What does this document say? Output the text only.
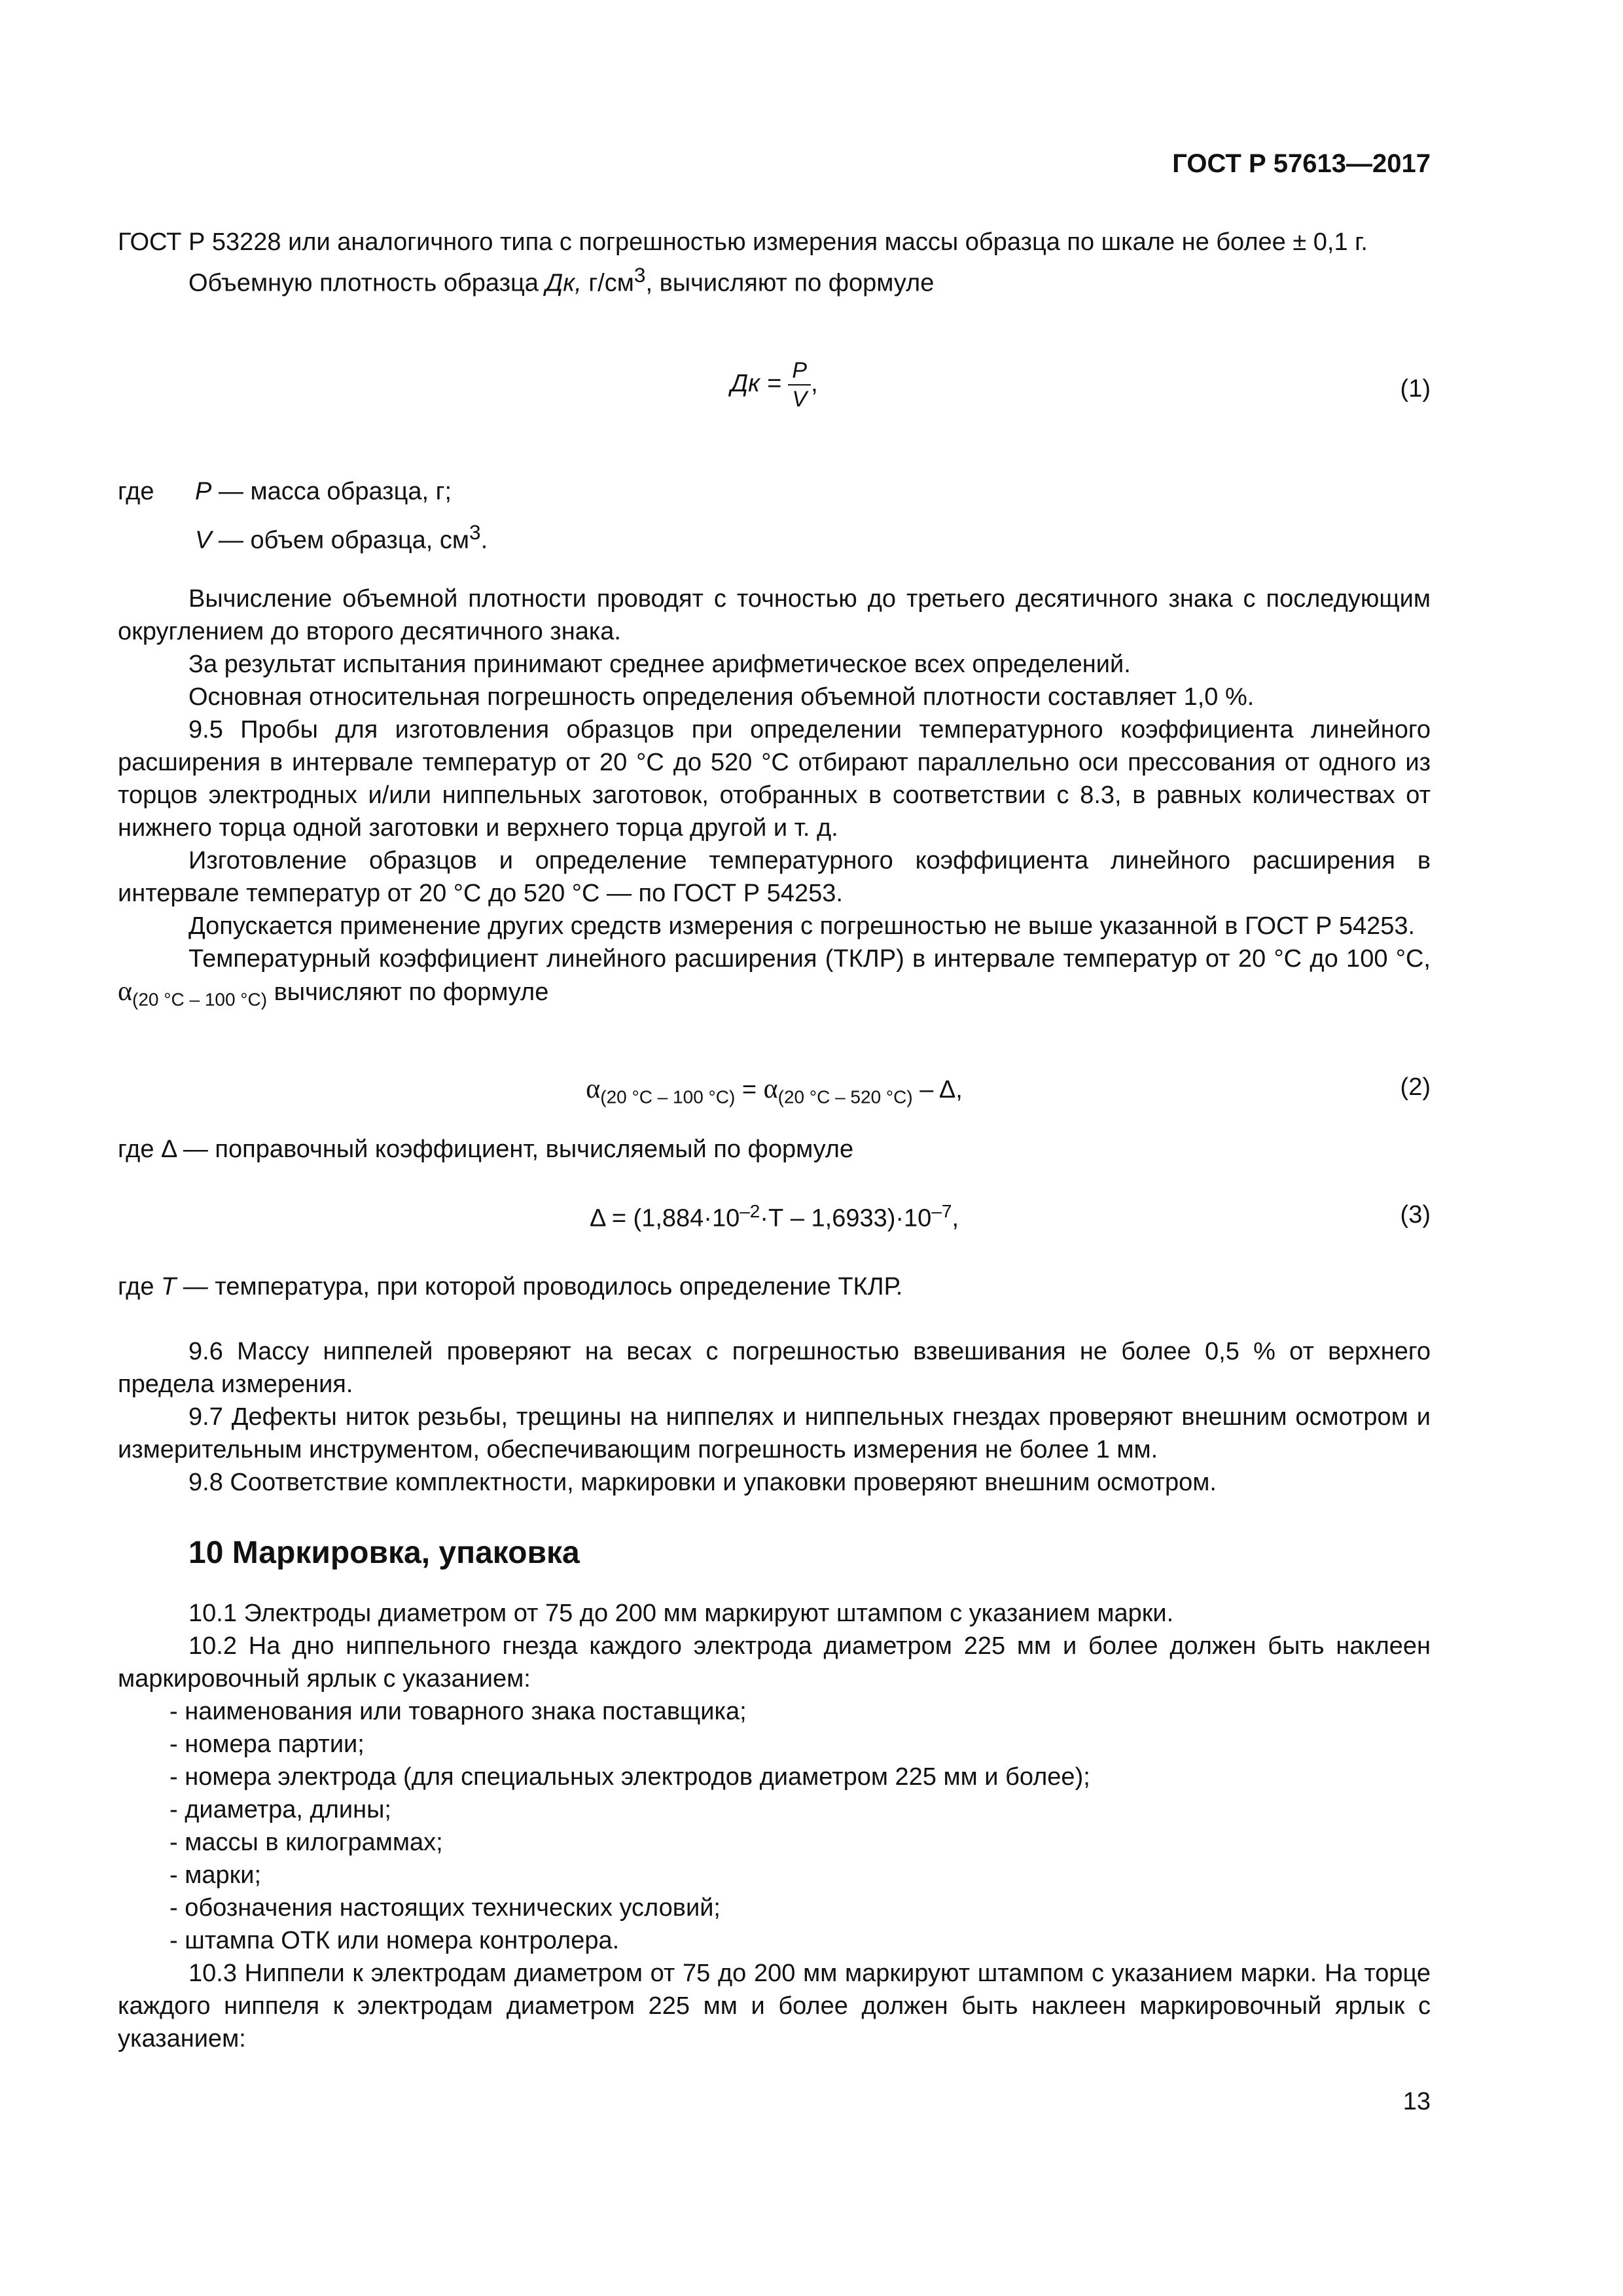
ГОСТ Р 57613—2017

ГОСТ Р 53228 или аналогичного типа с погрешностью измерения массы образца по шкале не более ± 0,1 г.

Объемную плотность образца Дк, $г/см^3$, вычисляют по формуле

Дк = $\frac{P}{V}$ ,	(1)
где P — масса образца, г;
V — объем образца, $см^3$.

Вычисление объемной плотности проводят с точностью до третьего десятичного знака с последующим округлением до второго десятичного знака.

За результат испытания принимают среднее арифметическое всех определений.

Основная относительная погрешность определения объемной плотности составляет 1,0 %.

9.5 Пробы для изготовления образцов при определении температурного коэффициента линейного расширения в интервале температур от 20 °С до 520 °С отбирают параллельно оси прессования от одного из торцов электродных и/или ниппельных заготовок, отобранных в соответствии с 8.3, в равных количествах от нижнего торца одной заготовки и верхнего торца другой и т. д.

Изготовление образцов и определение температурного коэффициента линейного расширения в интервале температур от 20 °С до 520 °С — по ГОСТ Р 54253.

Допускается применение других средств измерения с погрешностью не выше указанной в ГОСТ Р 54253.

Температурный коэффициент линейного расширения (ТКЛР) в интервале температур от 20 °С до 100 °С, $\alpha_{(20 ^\circ С - 100 ^\circ С)}$ вычисляют по формуле

$\alpha_{(20 ^\circ С - 100 ^\circ С)} = \alpha_{(20 ^\circ С - 520 ^\circ С)} - \Delta$,	(2)
где Δ — поправочный коэффициент, вычисляемый по формуле
$\Delta = (1,884\cdot 10^{-2}\cdot Т - 1,6933)\cdot 10^{-7}$,	(3)
где Т — температура, при которой проводилось определение ТКЛР.

9.6 Массу ниппелей проверяют на весах с погрешностью взвешивания не более 0,5 % от верхнего предела измерения.

9.7 Дефекты ниток резьбы, трещины на ниппелях и ниппельных гнездах проверяют внешним осмотром и измерительным инструментом, обеспечивающим погрешность измерения не более 1 мм.

9.8 Соответствие комплектности, маркировки и упаковки проверяют внешним осмотром.

10 Маркировка, упаковка

10.1 Электроды диаметром от 75 до 200 мм маркируют штампом с указанием марки.

10.2 На дно ниппельного гнезда каждого электрода диаметром 225 мм и более должен быть наклеен маркировочный ярлык с указанием:

- наименования или товарного знака поставщика;
- номера партии;
- номера электрода (для специальных электродов диаметром 225 мм и более);
- диаметра, длины;
- массы в килограммах;
- марки;
- обозначения настоящих технических условий;
- штампа ОТК или номера контролера.

10.3 Ниппели к электродам диаметром от 75 до 200 мм маркируют штампом с указанием марки. На торце каждого ниппеля к электродам диаметром 225 мм и более должен быть наклеен маркировочный ярлык с указанием:

13
